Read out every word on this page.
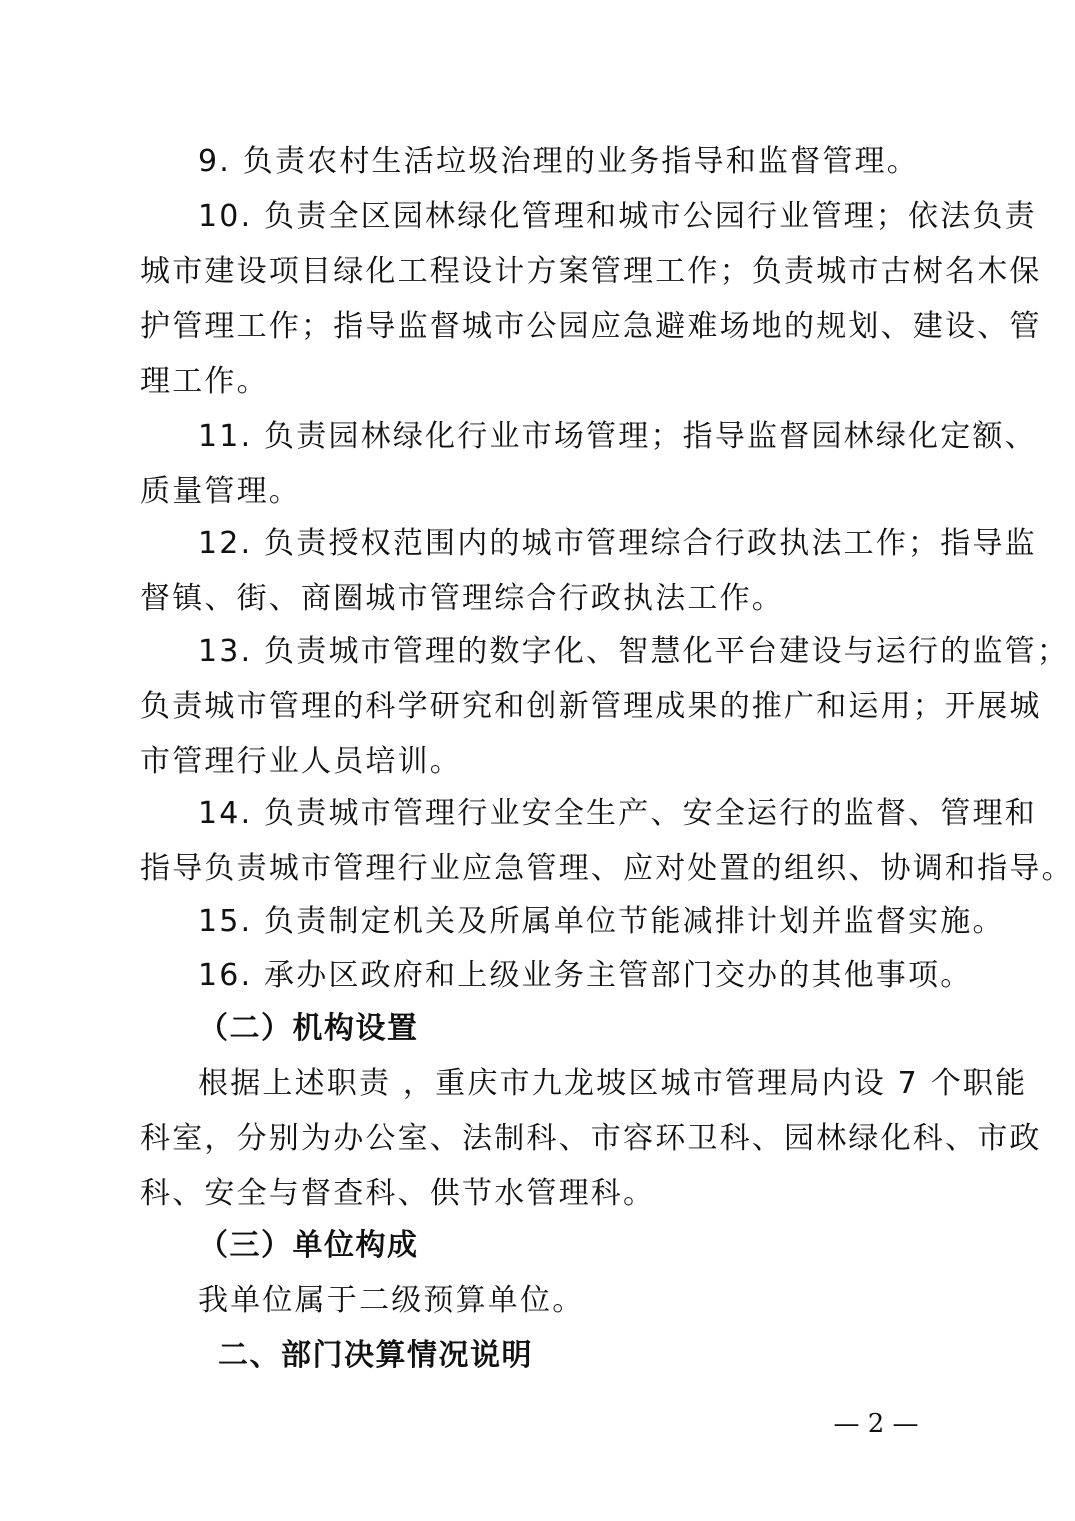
9. 负责农村生活垃圾治理的业务指导和监督管理。
10. 负责全区园林绿化管理和城市公园行业管理；依法负责
城市建设项目绿化工程设计方案管理工作；负责城市古树名木保
护管理工作；指导监督城市公园应急避难场地的规划、建设、管
理工作。
11. 负责园林绿化行业市场管理；指导监督园林绿化定额、
质量管理。
12. 负责授权范围内的城市管理综合行政执法工作；指导监
督镇、街、商圈城市管理综合行政执法工作。
13. 负责城市管理的数字化、智慧化平台建设与运行的监管；
负责城市管理的科学研究和创新管理成果的推广和运用；开展城
市管理行业人员培训。
14. 负责城市管理行业安全生产、安全运行的监督、管理和
指导负责城市管理行业应急管理、应对处置的组织、协调和指导。
15. 负责制定机关及所属单位节能减排计划并监督实施。
16. 承办区政府和上级业务主管部门交办的其他事项。
（二）机构设置
根据上述职责 ，重庆市九龙坡区城市管理局内设 7 个职能
科室，分别为办公室、法制科、市容环卫科、园林绿化科、市政
科、安全与督查科、供节水管理科。
（三）单位构成
我单位属于二级预算单位。
二、部门决算情况说明
— 2 —
